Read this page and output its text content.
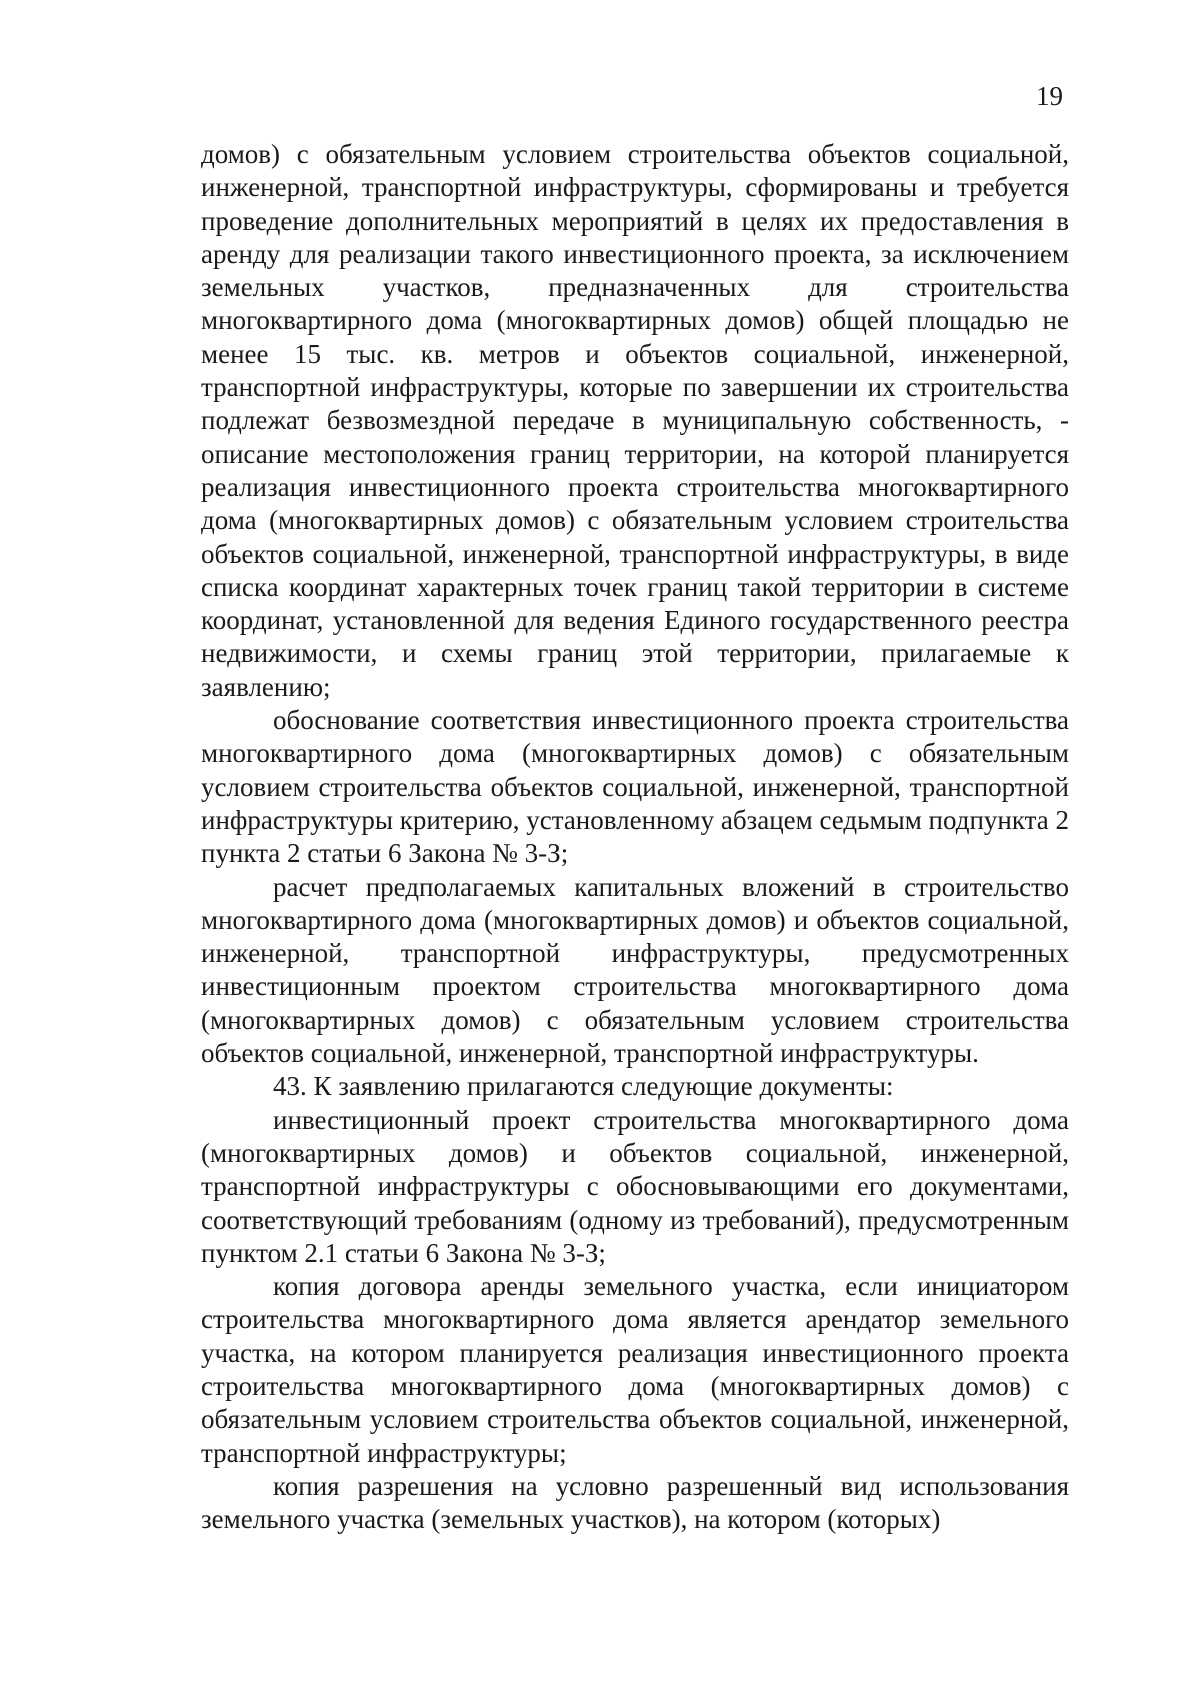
19

домов) с обязательным условием строительства объектов социальной, инженерной, транспортной инфраструктуры, сформированы и требуется проведение дополнительных мероприятий в целях их предоставления в аренду для реализации такого инвестиционного проекта, за исключением земельных участков, предназначенных для строительства многоквартирного дома (многоквартирных домов) общей площадью не менее 15 тыс. кв. метров и объектов социальной, инженерной, транспортной инфраструктуры, которые по завершении их строительства подлежат безвозмездной передаче в муниципальную собственность, - описание местоположения границ территории, на которой планируется реализация инвестиционного проекта строительства многоквартирного дома (многоквартирных домов) с обязательным условием строительства объектов социальной, инженерной, транспортной инфраструктуры, в виде списка координат характерных точек границ такой территории в системе координат, установленной для ведения Единого государственного реестра недвижимости, и схемы границ этой территории, прилагаемые к заявлению;

обоснование соответствия инвестиционного проекта строительства многоквартирного дома (многоквартирных домов) с обязательным условием строительства объектов социальной, инженерной, транспортной инфраструктуры критерию, установленному абзацем седьмым подпункта 2 пункта 2 статьи 6 Закона № 3-З;

расчет предполагаемых капитальных вложений в строительство многоквартирного дома (многоквартирных домов) и объектов социальной, инженерной, транспортной инфраструктуры, предусмотренных инвестиционным проектом строительства многоквартирного дома (многоквартирных домов) с обязательным условием строительства объектов социальной, инженерной, транспортной инфраструктуры.

43. К заявлению прилагаются следующие документы:

инвестиционный проект строительства многоквартирного дома (многоквартирных домов) и объектов социальной, инженерной, транспортной инфраструктуры с обосновывающими его документами, соответствующий требованиям (одному из требований), предусмотренным пунктом 2.1 статьи 6 Закона № 3-З;

копия договора аренды земельного участка, если инициатором строительства многоквартирного дома является арендатор земельного участка, на котором планируется реализация инвестиционного проекта строительства многоквартирного дома (многоквартирных домов) с обязательным условием строительства объектов социальной, инженерной, транспортной инфраструктуры;

копия разрешения на условно разрешенный вид использования земельного участка (земельных участков), на котором (которых)
